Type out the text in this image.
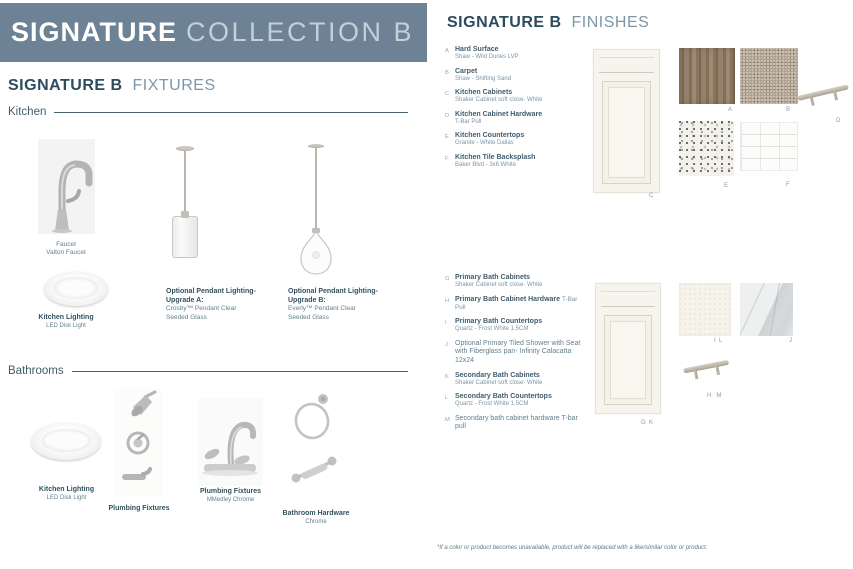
SIGNATURE COLLECTION B
SIGNATURE B FIXTURES
Kitchen
Faucet
Valton Faucet
Kitchen Lighting
LED Disk Light
Optional Pendant Lighting- Upgrade A:
Crosby™ Pendant Clear Seeded Glass
Optional Pendant Lighting- Upgrade B:
Everly™ Pendant Clear Seeded Glass
Bathrooms
Kitchen Lighting
LED Disk Light
Plumbing Fixtures
Plumbing Fixtures
MMedley Chrome
Bathroom Hardware
Chrome
SIGNATURE B FINISHES
A Hard Surface
Shaw - Wild Dunes LVP
B Carpet
Shaw - Shifting Sand
C Kitchen Cabinets
Shaker Cabinet soft close- White
D Kitchen Cabinet Hardware
T-Bar Pull
E Kitchen Countertops
Granite - White Dallas
F Kitchen Tile Backsplash
Baker Blvd - 3x6 White
C
A	B
D
E	F
G Primary Bath Cabinets
Shaker Cabinet soft close- White
H Primary Bath Cabinet Hardware T-Bar Pull
I	Primary Bath Countertops
Quartz - Frost White 1.5CM
J	Optional Primary Tiled Shower with Seat with Fiberglass pan- Infinity Calacatta 12x24
K Secondary Bath Cabinets
Shaker Cabinet soft close- White
L Secondary Bath Countertops
Quartz - Frost White 1.5CM
M Secondary bath cabinet hardware T-bar pull	G  K
I  L	J
H   M
*If a color or product becomes unavailable, product will be replaced with a like/similar color or product.
